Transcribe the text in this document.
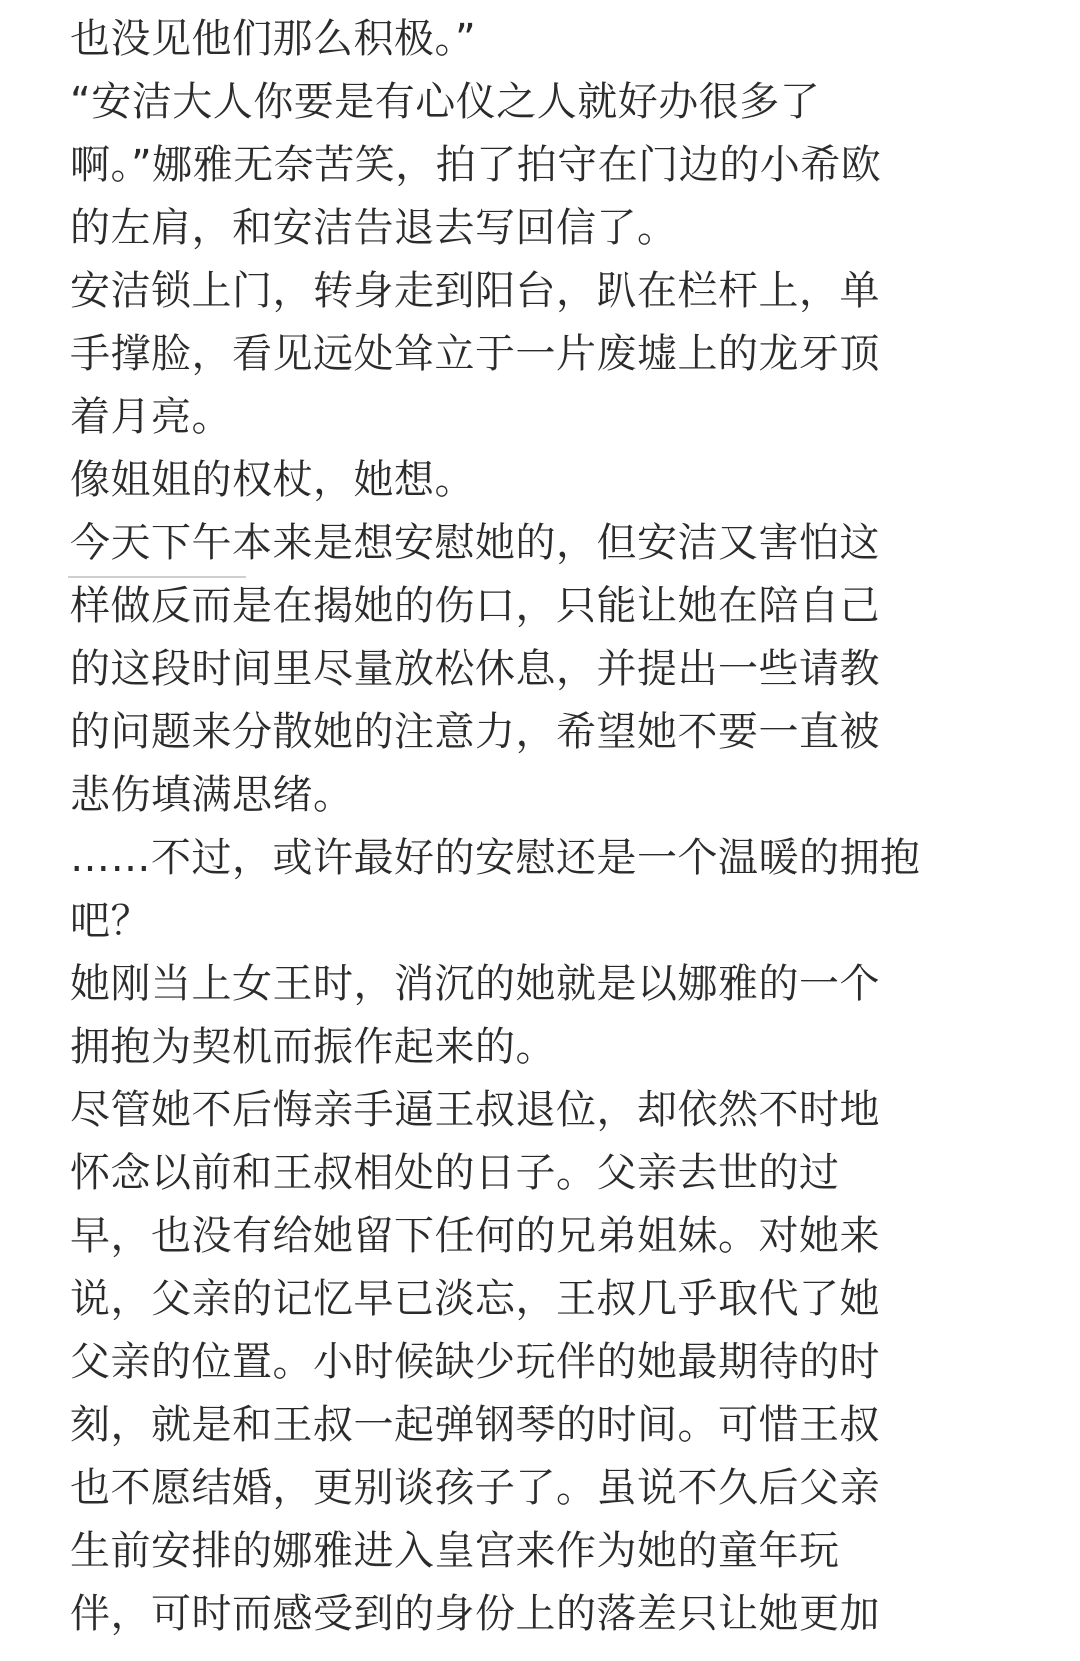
也没见他们那么积极。”
“安洁大人你要是有心仪之人就好办很多了
啊。”娜雅无奈苦笑，拍了拍守在门边的小希欧
的左肩，和安洁告退去写回信了。
安洁锁上门，转身走到阳台，趴在栏杆上，单
手撑脸，看见远处耸立于一片废墟上的龙牙顶
着月亮。
像姐姐的权杖，她想。
今天下午本来是想安慰她的，但安洁又害怕这
样做反而是在揭她的伤口，只能让她在陪自己
的这段时间里尽量放松休息，并提出一些请教
的问题来分散她的注意力，希望她不要一直被
悲伤填满思绪。
……不过，或许最好的安慰还是一个温暖的拥抱
吧？
她刚当上女王时，消沉的她就是以娜雅的一个
拥抱为契机而振作起来的。
尽管她不后悔亲手逼王叔退位，却依然不时地
怀念以前和王叔相处的日子。父亲去世的过
早，也没有给她留下任何的兄弟姐妹。对她来
说，父亲的记忆早已淡忘，王叔几乎取代了她
父亲的位置。小时候缺少玩伴的她最期待的时
刻，就是和王叔一起弹钢琴的时间。可惜王叔
也不愿结婚，更别谈孩子了。虽说不久后父亲
生前安排的娜雅进入皇宫来作为她的童年玩
伴，可时而感受到的身份上的落差只让她更加
